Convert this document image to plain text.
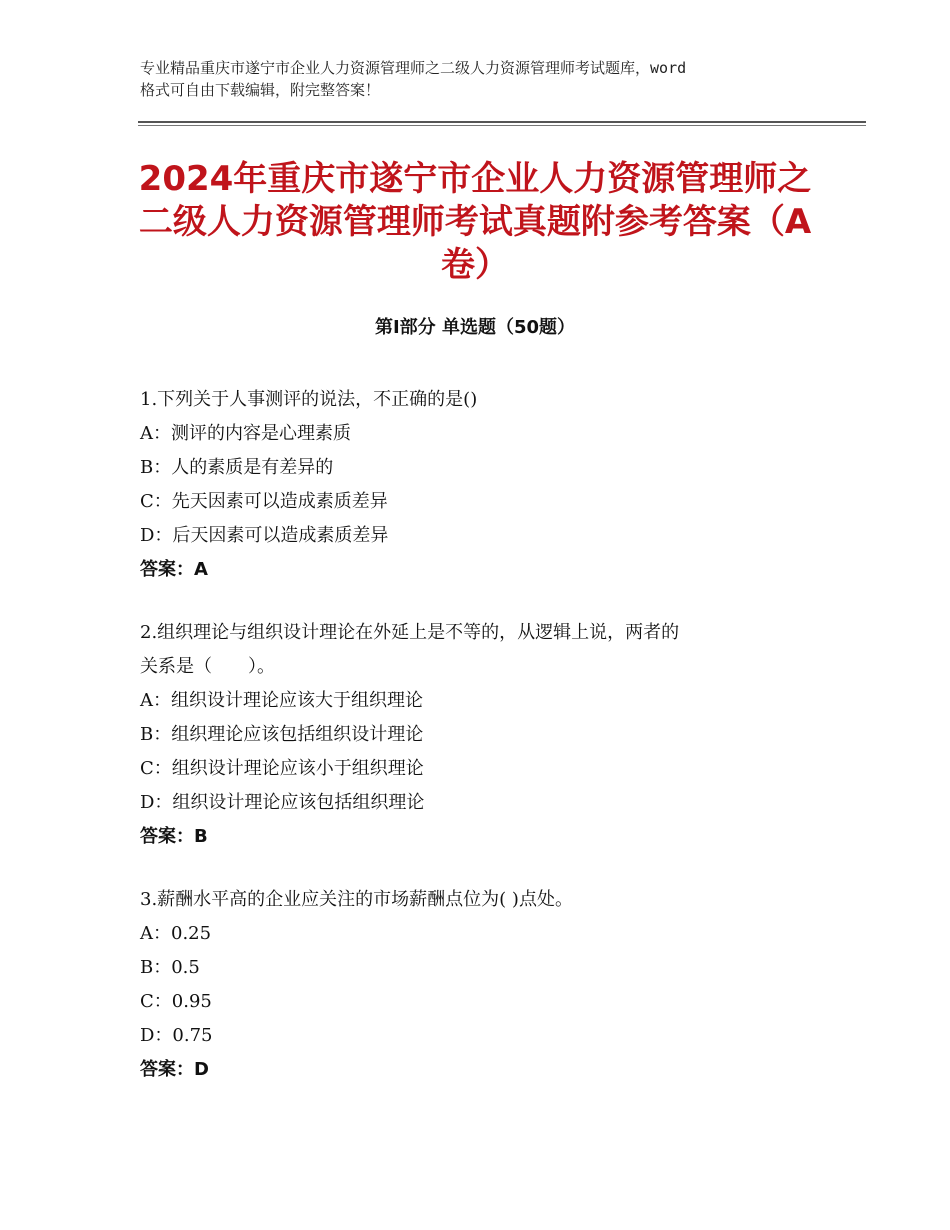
专业精品重庆市遂宁市企业人力资源管理师之二级人力资源管理师考试题库，word
格式可自由下载编辑，附完整答案！
2024年重庆市遂宁市企业人力资源管理师之
二级人力资源管理师考试真题附参考答案（A
卷）
第Ⅰ部分 单选题（50题）
1.下列关于人事测评的说法，不正确的是()
A：测评的内容是心理素质
B：人的素质是有差异的
C：先天因素可以造成素质差异
D：后天因素可以造成素质差异
答案：A
2.组织理论与组织设计理论在外延上是不等的，从逻辑上说，两者的
关系是（　　）。
A：组织设计理论应该大于组织理论
B：组织理论应该包括组织设计理论
C：组织设计理论应该小于组织理论
D：组织设计理论应该包括组织理论
答案：B
3.薪酬水平高的企业应关注的市场薪酬点位为( )点处。
A：0.25
B：0.5
C：0.95
D：0.75
答案：D
